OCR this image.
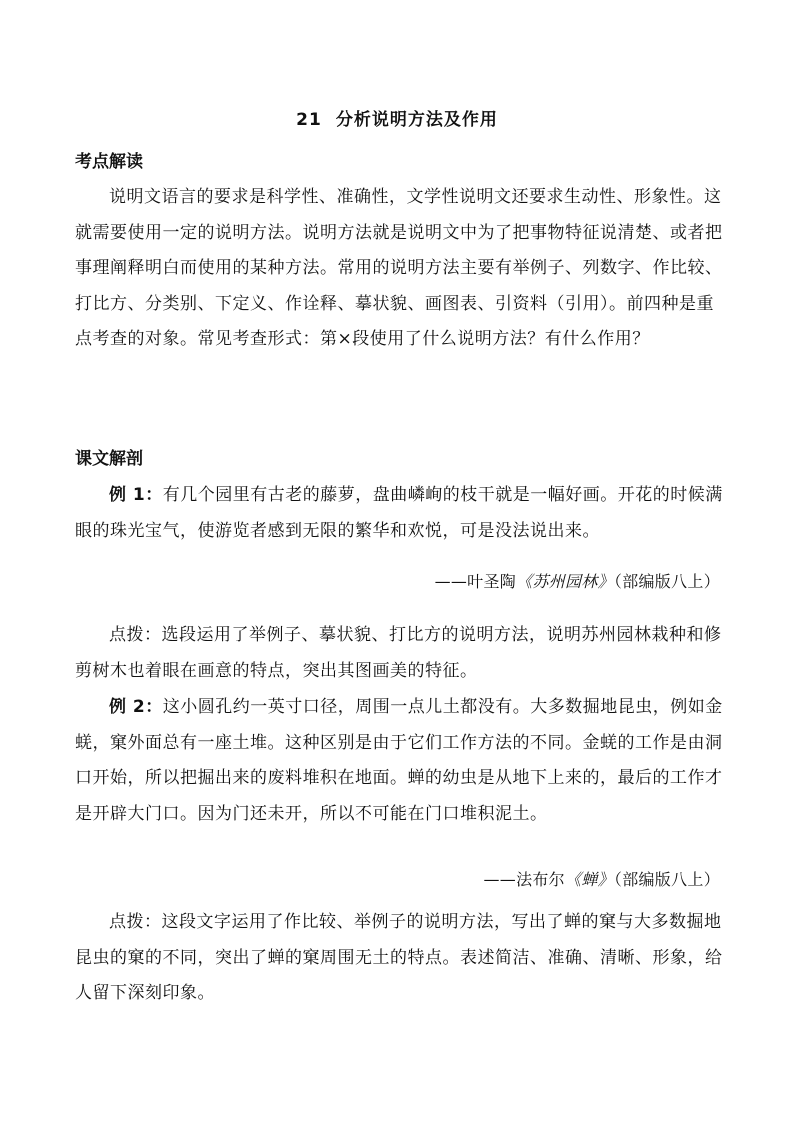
21 分析说明方法及作用
考点解读

说明文语言的要求是科学性、准确性，文学性说明文还要求生动性、形象性。这就需要使用一定的说明方法。说明方法就是说明文中为了把事物特征说清楚、或者把事理阐释明白而使用的某种方法。常用的说明方法主要有举例子、列数字、作比较、打比方、分类别、下定义、作诠释、摹状貌、画图表、引资料（引用）。前四种是重点考查的对象。常见考查形式：第×段使用了什么说明方法？有什么作用？

课文解剖

例 1：有几个园里有古老的藤萝，盘曲嶙峋的枝干就是一幅好画。开花的时候满眼的珠光宝气，使游览者感到无限的繁华和欢悦，可是没法说出来。

——叶圣陶《苏州园林》（部编版八上）

点拨：选段运用了举例子、摹状貌、打比方的说明方法，说明苏州园林栽种和修剪树木也着眼在画意的特点，突出其图画美的特征。

例 2：这小圆孔约一英寸口径，周围一点儿土都没有。大多数掘地昆虫，例如金蜣，窠外面总有一座土堆。这种区别是由于它们工作方法的不同。金蜣的工作是由洞口开始，所以把掘出来的废料堆积在地面。蝉的幼虫是从地下上来的，最后的工作才是开辟大门口。因为门还未开，所以不可能在门口堆积泥土。

——法布尔《蝉》（部编版八上）

点拨：这段文字运用了作比较、举例子的说明方法，写出了蝉的窠与大多数掘地昆虫的窠的不同，突出了蝉的窠周围无土的特点。表述简洁、准确、清晰、形象，给人留下深刻印象。
